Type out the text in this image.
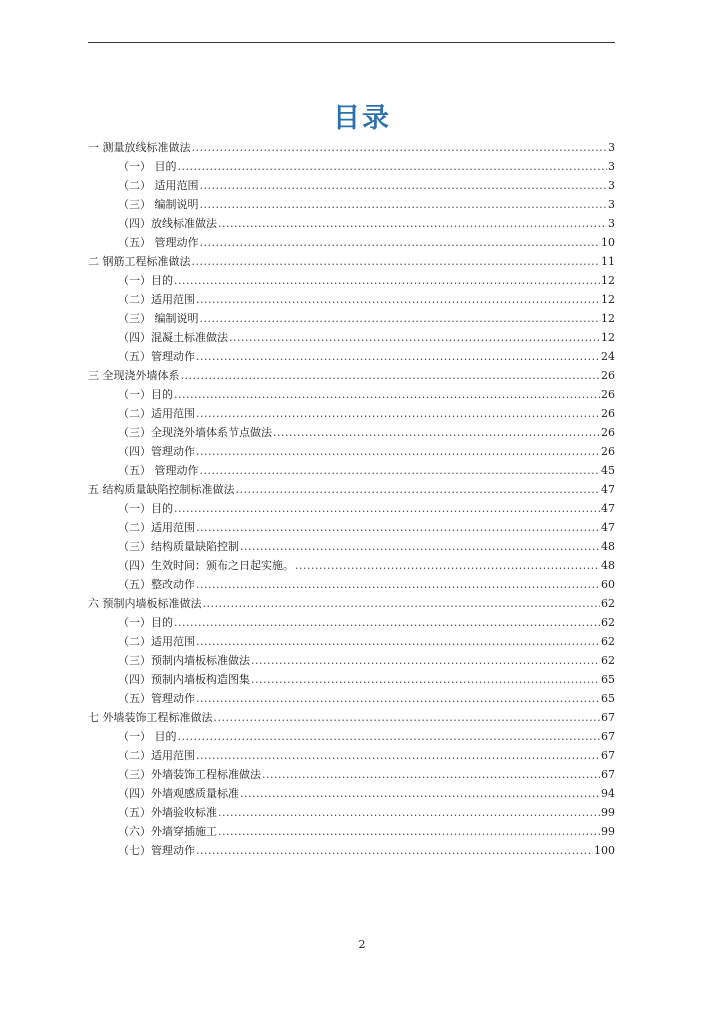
目录
一 测量放线标准做法 .....	3
（一） 目的 .....	3
（二） 适用范围 .....	3
（三） 编制说明 .....	3
（四）放线标准做法 .....	3
（五） 管理动作 .....	10
二 钢筋工程标准做法 .....	11
（一）目的 .....	12
（二）适用范围 .....	12
（三） 编制说明 .....	12
（四）混凝土标准做法 .....	12
（五）管理动作 .....	24
三 全现浇外墙体系 .....	26
（一）目的 .....	26
（二）适用范围 .....	26
（三）全现浇外墙体系节点做法 .....	26
（四）管理动作 .....	26
（五） 管理动作 .....	45
五 结构质量缺陷控制标准做法 .....	47
（一）目的 .....	47
（二）适用范围 .....	47
（三）结构质量缺陷控制 .....	48
（四）生效时间：颁布之日起实施。 .....	48
（五）整改动作 .....	60
六 预制内墙板标准做法 .....	62
（一）目的 .....	62
（二）适用范围 .....	62
（三）预制内墙板标准做法 .....	62
（四）预制内墙板构造图集 .....	65
（五）管理动作 .....	65
七 外墙装饰工程标准做法 .....	67
（一） 目的 .....	67
（二）适用范围 .....	67
（三）外墙装饰工程标准做法 .....	67
（四）外墙观感质量标准 .....	94
（五）外墙验收标准 .....	99
（六）外墙穿插施工 .....	99
（七）管理动作 .....	100
2
